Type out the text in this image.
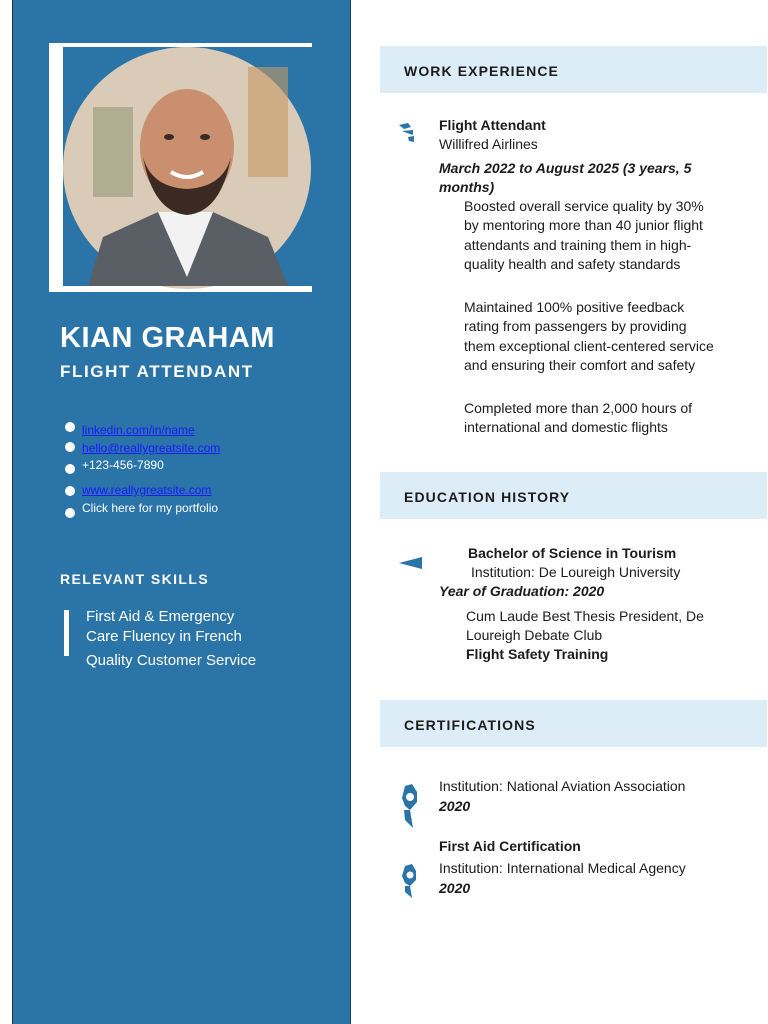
KIAN GRAHAM
FLIGHT ATTENDANT
linkedin.com/in/name
hello@reallygreatsite.com
+123-456-7890
www.reallygreatsite.com
Click here for my portfolio
RELEVANT SKILLS
First Aid & Emergency
Care Fluency in French
Quality Customer Service
WORK EXPERIENCE
Flight Attendant
Willifred Airlines
March 2022 to August 2025 (3 years, 5 months)
Boosted overall service quality by 30% by mentoring more than 40 junior flight attendants and training them in high-quality health and safety standards
Maintained 100% positive feedback rating from passengers by providing them exceptional client-centered service and ensuring their comfort and safety
Completed more than 2,000 hours of international and domestic flights
EDUCATION HISTORY
Bachelor of Science in Tourism
Institution: De Loureigh University
Year of Graduation: 2020
Cum Laude Best Thesis President, De Loureigh Debate Club
Flight Safety Training
CERTIFICATIONS
Institution: National Aviation Association
2020
First Aid Certification
Institution: International Medical Agency
2020
